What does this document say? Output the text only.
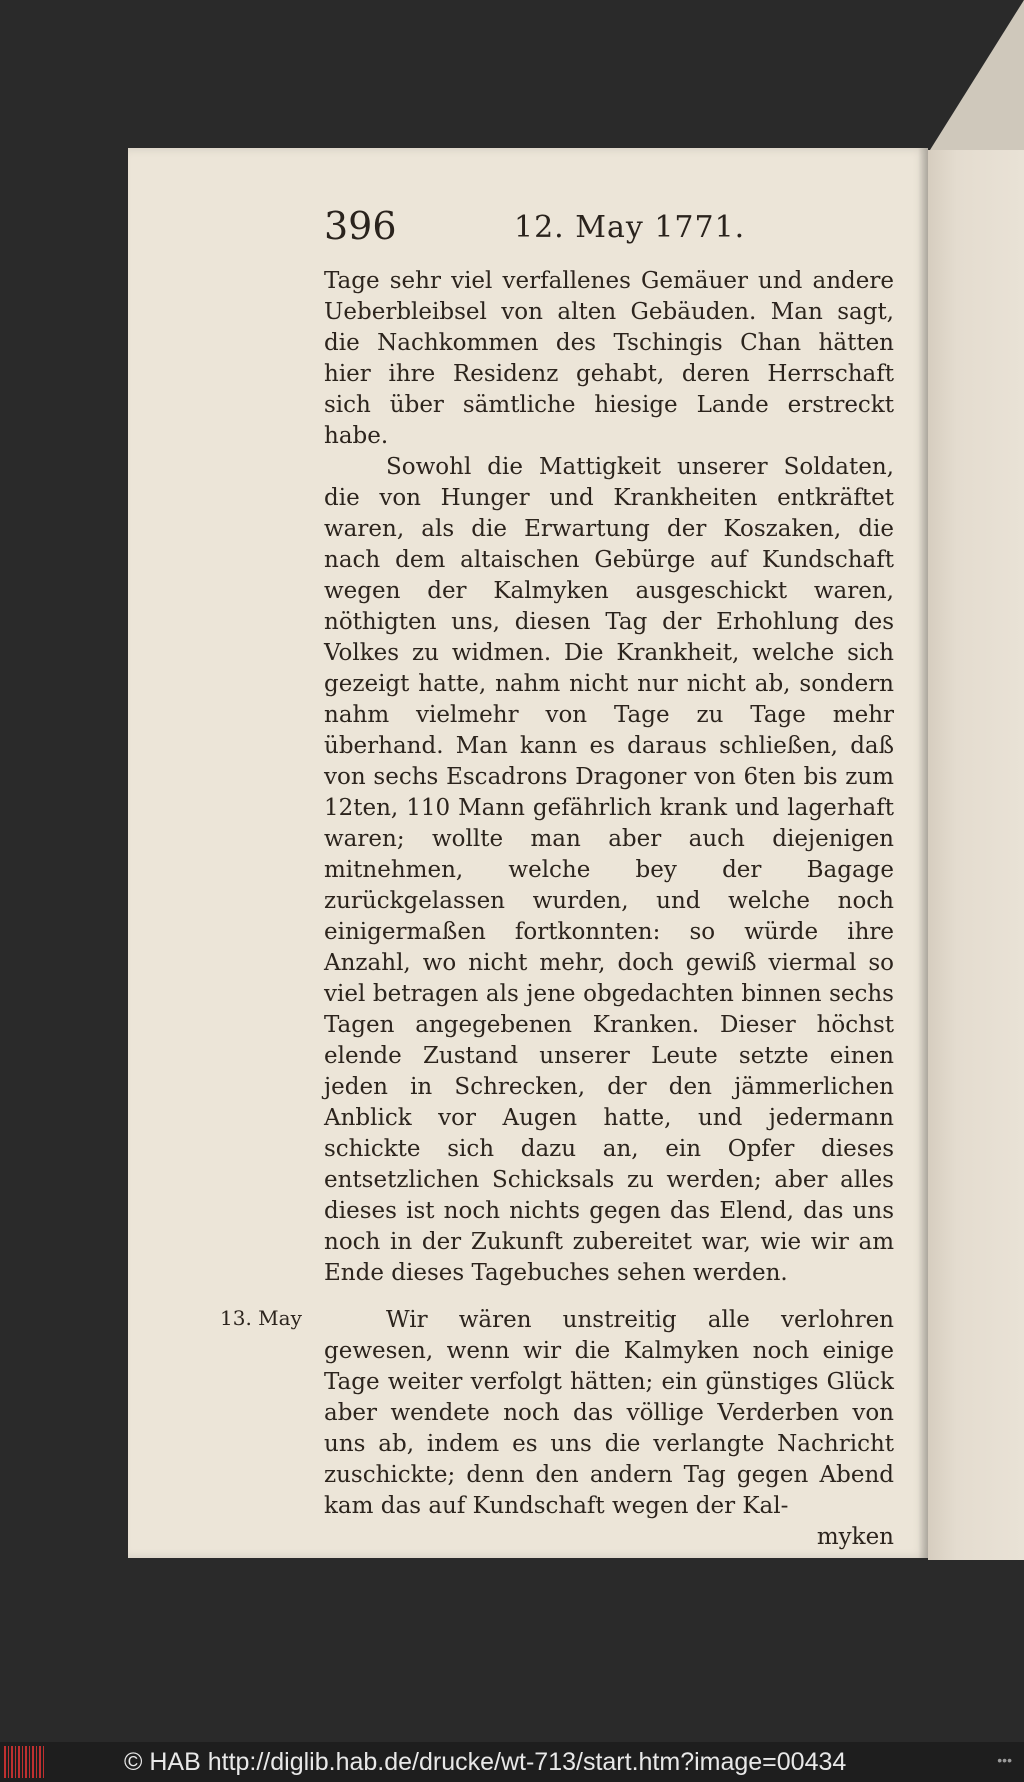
396	12. May 1771.

Tage sehr viel verfallenes Gemäuer und andere Ueberbleibsel von alten Gebäuden. Man sagt, die Nachkommen des Tschingis Chan hätten hier ihre Residenz gehabt, deren Herrschaft sich über sämtliche hiesige Lande erstreckt habe.

Sowohl die Mattigkeit unserer Soldaten, die von Hunger und Krankheiten entkräftet waren, als die Erwartung der Koszaken, die nach dem altaischen Gebürge auf Kundschaft wegen der Kalmyken ausgeschickt waren, nöthigten uns, diesen Tag der Erhohlung des Volkes zu widmen. Die Krankheit, welche sich gezeigt hatte, nahm nicht nur nicht ab, sondern nahm vielmehr von Tage zu Tage mehr überhand. Man kann es daraus schließen, daß von sechs Escadrons Dragoner von 6ten bis zum 12ten, 110 Mann gefährlich krank und lagerhaft waren; wollte man aber auch diejenigen mitnehmen, welche bey der Bagage zurückgelassen wurden, und welche noch einigermaßen fortkonnten: so würde ihre Anzahl, wo nicht mehr, doch gewiß viermal so viel betragen als jene obgedachten binnen sechs Tagen angegebenen Kranken. Dieser höchst elende Zustand unserer Leute setzte einen jeden in Schrecken, der den jämmerlichen Anblick vor Augen hatte, und jedermann schickte sich dazu an, ein Opfer dieses entsetzlichen Schicksals zu werden; aber alles dieses ist noch nichts gegen das Elend, das uns noch in der Zukunft zubereitet war, wie wir am Ende dieses Tagebuches sehen werden.

Wir wären unstreitig alle verlohren gewesen, wenn wir die Kalmyken noch einige Tage weiter verfolgt hätten; ein günstiges Glück aber wendete noch das völlige Verderben von uns ab, indem es uns die verlangte Nachricht zuschickte; denn den andern Tag gegen Abend kam das auf Kundschaft wegen der Kal-

myken

13. May
© HAB http://diglib.hab.de/drucke/wt-713/start.htm?image=00434	•••
